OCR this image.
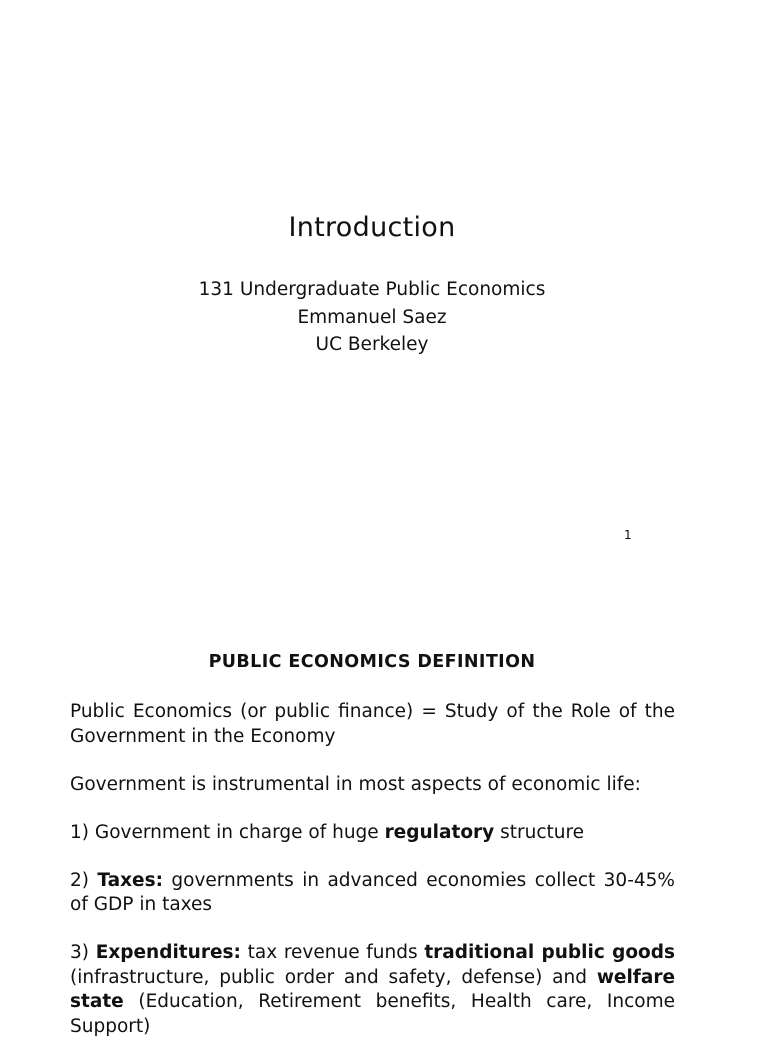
Introduction
131 Undergraduate Public Economics
Emmanuel Saez
UC Berkeley
1
PUBLIC ECONOMICS DEFINITION

Public Economics (or public finance) = Study of the Role of the Government in the Economy

Government is instrumental in most aspects of economic life:

1) Government in charge of huge regulatory structure

2) Taxes: governments in advanced economies collect 30-45% of GDP in taxes

3) Expenditures: tax revenue funds traditional public goods (infrastructure, public order and safety, defense) and welfare state (Education, Retirement benefits, Health care, Income Support)
